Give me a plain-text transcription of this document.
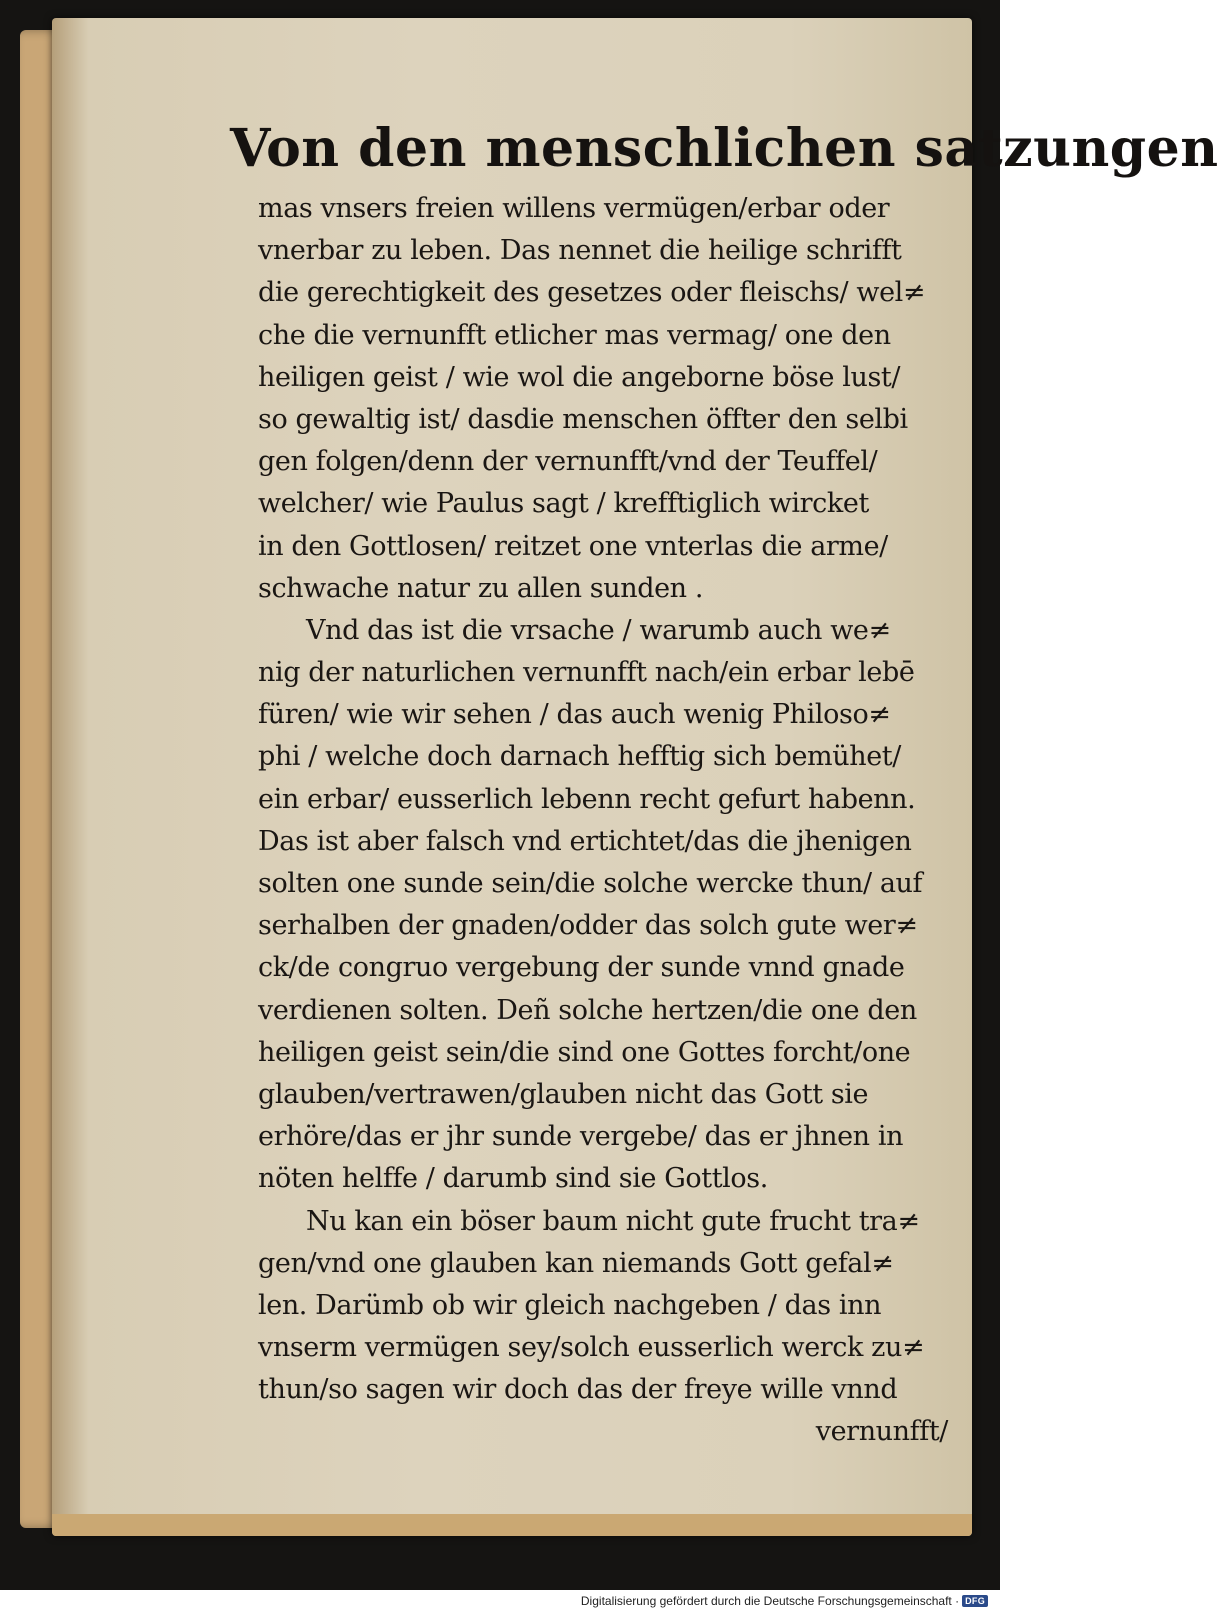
Von den menschlichen satzungen
mas vnsers freien willens vermügen/erbar oder
vnerbar zu leben. Das nennet die heilige schrifft
die gerechtigkeit des gesetzes oder fleischs/ wel≠
che die vernunfft etlicher mas vermag/ one den
heiligen geist / wie wol die angeborne böse lust/
so gewaltig ist/ dasdie menschen öffter den selbi
gen folgen/denn der vernunfft/vnd der Teuffel/
welcher/ wie Paulus sagt / krefftiglich wircket
in den Gottlosen/ reitzet one vnterlas die arme/
schwache natur zu allen sunden .
Vnd das ist die vrsache / warumb auch we≠
nig der naturlichen vernunfft nach/ein erbar lebē
füren/ wie wir sehen / das auch wenig Philoso≠
phi / welche doch darnach hefftig sich bemühet/
ein erbar/ eusserlich lebenn recht gefurt habenn.
Das ist aber falsch vnd ertichtet/das die jhenigen
solten one sunde sein/die solche wercke thun/ auf
serhalben der gnaden/odder das solch gute wer≠
ck/de congruo vergebung der sunde vnnd gnade
verdienen solten. Deñ solche hertzen/die one den
heiligen geist sein/die sind one Gottes forcht/one
glauben/vertrawen/glauben nicht das Gott sie
erhöre/das er jhr sunde vergebe/ das er jhnen in
nöten helffe / darumb sind sie Gottlos.
Nu kan ein böser baum nicht gute frucht tra≠
gen/vnd one glauben kan niemands Gott gefal≠
len. Darümb ob wir gleich nachgeben / das inn
vnserm vermügen sey/solch eusserlich werck zu≠
thun/so sagen wir doch das der freye wille vnnd
vernunfft/
Digitalisierung gefördert durch die Deutsche Forschungsgemeinschaft · DFG
